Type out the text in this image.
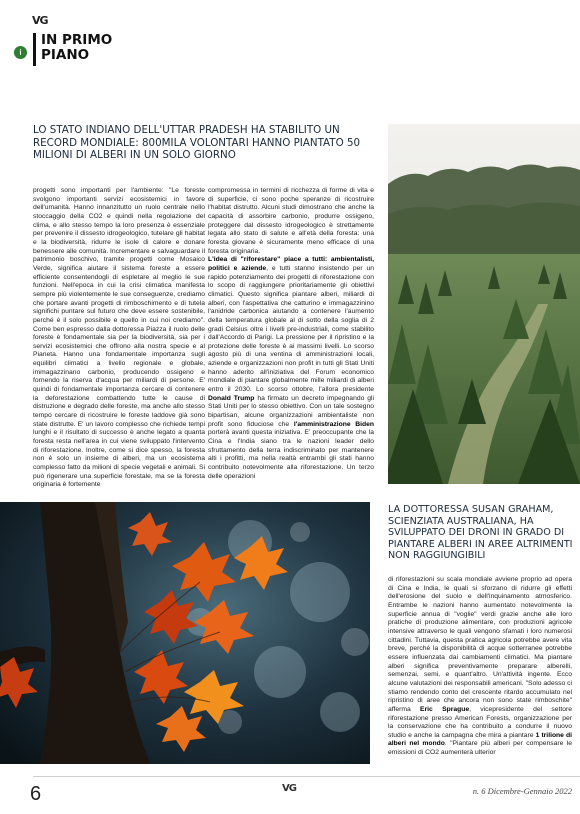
VG
i
IN PRIMO
PIANO
LO STATO INDIANO DELL'UTTAR PRADESH HA STABILITO UN RECORD MONDIALE: 800MILA VOLONTARI HANNO PIANTATO 50 MILIONI DI ALBERI IN UN SOLO GIORNO

progetti sono importanti per l'ambiente: "Le foreste svolgono importanti servizi ecosistemici in favore dell'umanità. Hanno innanzitutto un ruolo centrale nello stoccaggio della CO2 e quindi nella regolazione del clima, e allo stesso tempo la loro presenza è essenziale per prevenire il dissesto idrogeologico, tutelare gli habitat e la biodiversità, ridurre le isole di calore e donare benessere alle comunità. Incrementare e salvaguardare il patrimonio boschivo, tramite progetti come Mosaico Verde, significa aiutare il sistema foreste a essere efficiente consentendogli di espletare al meglio le sue funzioni. Nell'epoca in cui la crisi climatica manifesta sempre più violentemente le sue conseguenze, crediamo che portare avanti progetti di rimboschimento e di tutela significhi puntare sul futuro che deve essere sostenibile, perché è il solo possibile e quello in cui noi crediamo". Come ben espresso dalla dottoressa Piazza il ruolo delle foreste è fondamentale sia per la biodiversità, sia per i servizi ecosistemici che offrono alla nostra specie e al Pianeta. Hanno una fondamentale importanza sugli equilibri climatici a livello regionale e globale, immagazzinano carbonio, producendo ossigeno e fornendo la riserva d'acqua per miliardi di persone. E' quindi di fondamentale importanza cercare di contenere la deforestazione combattendo tutte le cause di distruzione e degrado delle foreste, ma anche allo stesso tempo cercare di ricostruire le foreste laddove già sono state distrutte. E' un lavoro complesso che richiede tempi lunghi e il risultato di successo è anche legato a quanta foresta resta nell'area in cui viene sviluppato l'intervento di riforestazione. Inoltre, come si dice spesso, la foresta non è solo un insieme di alberi, ma un ecosistema complesso fatto da milioni di specie vegetali e animali. Si può rigenerare una superficie forestale, ma se la foresta originaria è fortemente

compromessa in termini di ricchezza di forme di vita e di superficie, ci sono poche speranze di ricostruire l'habitat distrutto. Alcuni studi dimostrano che anche la capacità di assorbire carbonio, produrre ossigeno, proteggere dal dissesto idrogeologico è strettamente legata allo stato di salute e all'età della foresta: una foresta giovane è sicuramente meno efficace di una foresta originaria.
L'idea di "riforestare" piace a tutti: ambientalisti, politici e aziende, e tutti stanno insistendo per un rapido potenziamento dei progetti di riforestazione con lo scopo di raggiungere prioritariamente gli obiettivi climatici. Questo significa piantare alberi, miliardi di alberi, con l'aspettativa che catturino e immagazzinino l'anidride carbonica aiutando a contenere l'aumento della temperatura globale al di sotto della soglia di 2 gradi Celsius oltre i livelli pre-industriali, come stabilito dall'Accordo di Parigi. La pressione per il ripristino e la protezione delle foreste è ai massimi livelli. Lo scorso agosto più di una ventina di amministrazioni locali, aziende e organizzazioni non profit in tutti gli Stati Uniti hanno aderito all'iniziativa del Forum economico mondiale di piantare globalmente mille miliardi di alberi entro il 2030. Lo scorso ottobre, l'allora presidente Donald Trump ha firmato un decreto impegnando gli Stati Uniti per lo stesso obiettivo. Con un tale sostegno bipartisan, alcune organizzazioni ambientaliste non profit sono fiduciose che l'amministrazione Biden porterà avanti questa iniziativa. E' preoccupante che la Cina e l'India siano tra le nazioni leader dello sfruttamento della terra indiscriminato per mantenere alti i profitti, ma nella realtà entrambi gli stati hanno contribuito notevolmente alla riforestazione. Un terzo delle operazioni

LA DOTTORESSA SUSAN GRAHAM, SCIENZIATA AUSTRALIANA, HA SVILUPPATO DEI DRONI IN GRADO DI PIANTARE ALBERI IN AREE ALTRIMENTI NON RAGGIUNGIBILI

di riforestazioni su scala mondiale avviene proprio ad opera di Cina e India, le quali si sforzano di ridurre gli effetti dell'erosione del suolo e dell'inquinamento atmosferico. Entrambe le nazioni hanno aumentato notevolmente la superficie annua di "voglie" verdi grazie anche alle loro pratiche di produzione alimentare, con produzioni agricole intensive attraverso le quali vengono sfamati i loro numerosi cittadini. Tuttavia, questa pratica agricola potrebbe avere vita breve, perché la disponibilità di acque sotterranee potrebbe essere influenzata dai cambiamenti climatici. Ma piantare alberi significa preventivamente preparare alberelli, semenzai, semi, e quant'altro. Un'attività ingente. Ecco alcune valutazioni dei responsabili americani. "Solo adesso ci stiamo rendendo conto del crescente ritardo accumulato nel ripristino di aree che ancora non sono state rimboschite" afferma Eric Sprague, vicepresidente del settore riforestazione presso American Forests, organizzazione per la conservazione che ha contribuito a condurre il nuovo studio e anche la campagna che mira a piantare 1 trilione di alberi nel mondo. "Piantare più alberi per compensare le emissioni di CO2 aumenterà ulterior

6	VG	n. 6 Dicembre-Gennaio 2022
